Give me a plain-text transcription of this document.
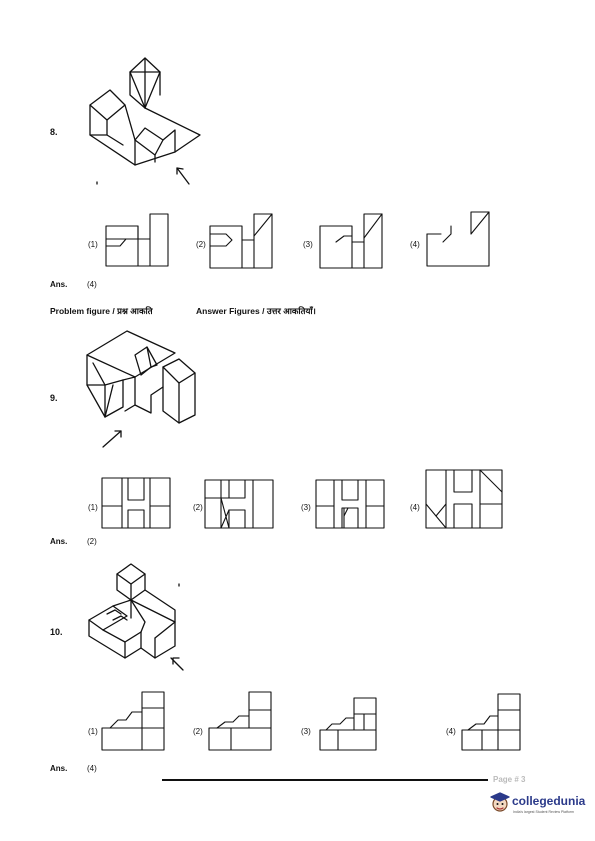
8.
(1)	(2)	(3)	(4)
Ans. (4)
Problem figure / प्रश्न आकति	Answer Figures / उत्तर आकतियाँ।
9.
(1)	(2)	(3)	(4)
Ans. (2)
10.
(1)	(2)	(3)	(4)
Ans. (4)
Page # 3
collegedunia
India's largest Student Review Platform
